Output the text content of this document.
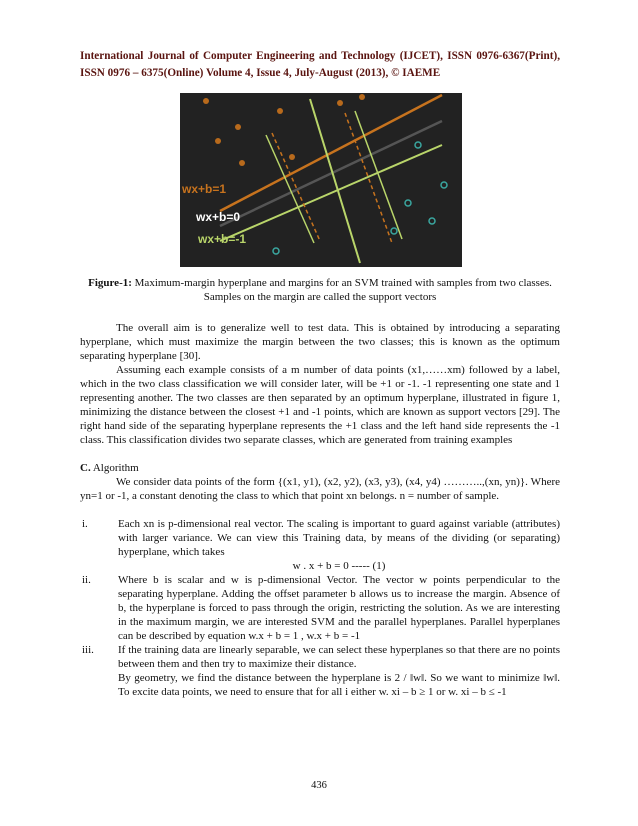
International Journal of Computer Engineering and Technology (IJCET), ISSN 0976-6367(Print), ISSN 0976 – 6375(Online) Volume 4, Issue 4, July-August (2013), © IAEME
wx+b=1
wx+b=0
wx+b=-1
Figure-1: Maximum-margin hyperplane and margins for an SVM trained with samples from two classes. Samples on the margin are called the support vectors

The overall aim is to generalize well to test data. This is obtained by introducing a separating hyperplane, which must maximize the margin between the two classes; this is known as the optimum separating hyperplane [30].

Assuming each example consists of a m number of data points (x1,……xm) followed by a label, which in the two class classification we will consider later, will be +1 or -1. -1 representing one state and 1 representing another. The two classes are then separated by an optimum hyperplane, illustrated in figure 1, minimizing the distance between the closest +1 and -1 points, which are known as support vectors [29]. The right hand side of the separating hyperplane represents the +1 class and the left hand side represents the -1 class. This classification divides two separate classes, which are generated from training examples

C. Algorithm

We consider data points of the form {(x1, y1), (x2, y2), (x3, y3), (x4, y4) ………..,(xn, yn)}. Where yn=1 or -1, a constant denoting the class to which that point xn belongs. n = number of sample.

i.	Each xn is p-dimensional real vector. The scaling is important to guard against variable (attributes) with larger variance. We can view this Training data, by means of the dividing (or separating) hyperplane, which takes

w . x + b = 0 ----- (1)

ii.	Where b is scalar and w is p-dimensional Vector. The vector w points perpendicular to the separating hyperplane. Adding the offset parameter b allows us to increase the margin. Absence of b, the hyperplane is forced to pass through the origin, restricting the solution. As we are interesting in the maximum margin, we are interested SVM and the parallel hyperplanes. Parallel hyperplanes can be described by equation w.x + b = 1 , w.x + b = -1

iii.	If the training data are linearly separable, we can select these hyperplanes so that there are no points between them and then try to maximize their distance.

By geometry, we find the distance between the hyperplane is 2 / ǁwǁ. So we want to minimize ǁwǁ. To excite data points, we need to ensure that for all i either w. xi – b ≥ 1 or w. xi – b ≤ -1

436
